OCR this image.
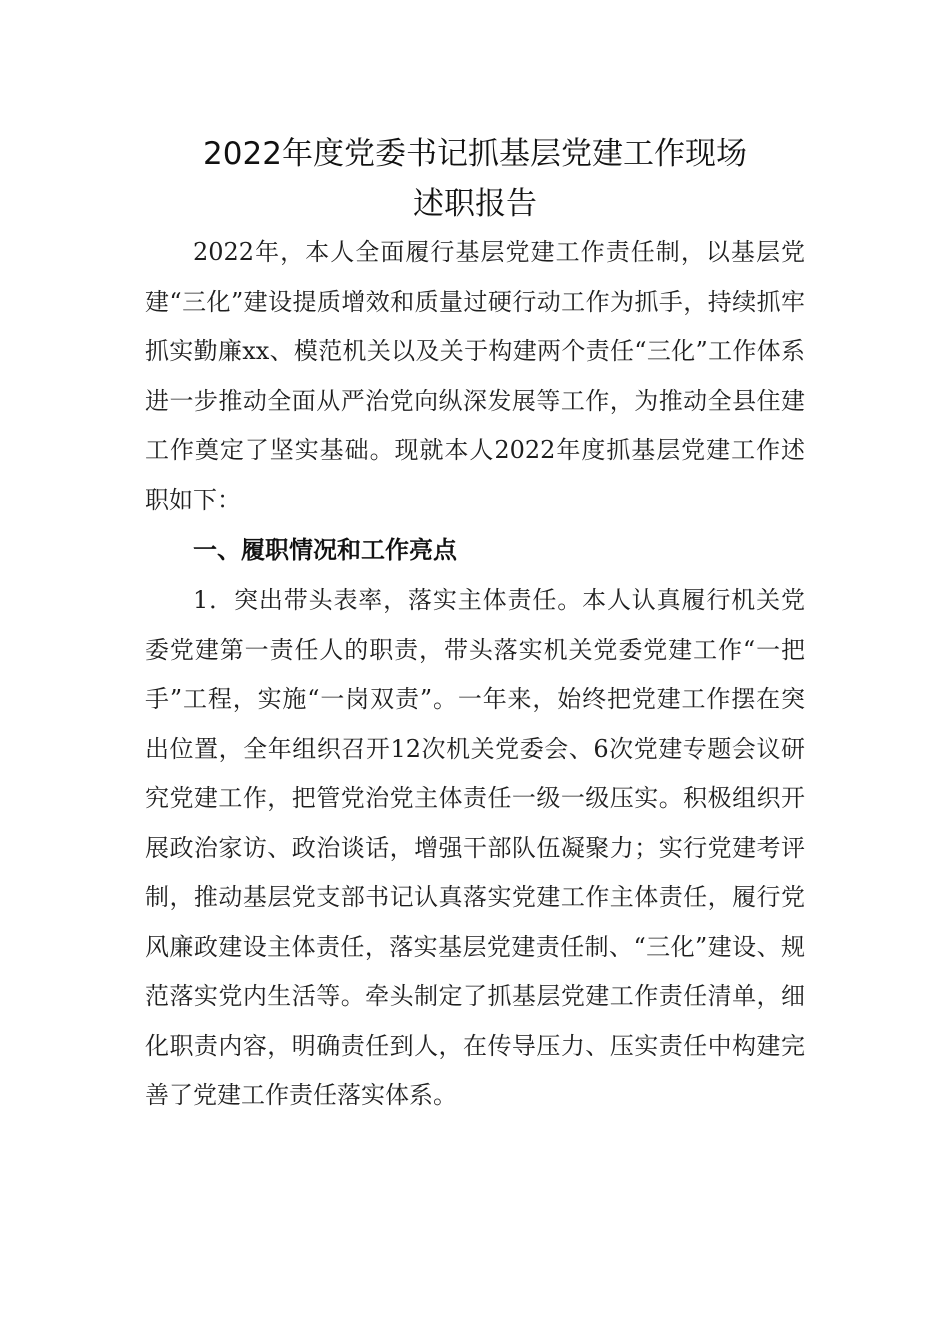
2022年度党委书记抓基层党建工作现场
述职报告

2022年，本人全面履行基层党建工作责任制，以基层党建“三化”建设提质增效和质量过硬行动工作为抓手，持续抓牢抓实勤廉xx、模范机关以及关于构建两个责任“三化”工作体系进一步推动全面从严治党向纵深发展等工作，为推动全县住建工作奠定了坚实基础。现就本人2022年度抓基层党建工作述职如下：

一、履职情况和工作亮点

1．突出带头表率，落实主体责任。本人认真履行机关党委党建第一责任人的职责，带头落实机关党委党建工作“一把手”工程，实施“一岗双责”。一年来，始终把党建工作摆在突出位置，全年组织召开12次机关党委会、6次党建专题会议研究党建工作，把管党治党主体责任一级一级压实。积极组织开展政治家访、政治谈话，增强干部队伍凝聚力；实行党建考评制，推动基层党支部书记认真落实党建工作主体责任，履行党风廉政建设主体责任，落实基层党建责任制、“三化”建设、规范落实党内生活等。牵头制定了抓基层党建工作责任清单，细化职责内容，明确责任到人，在传导压力、压实责任中构建完善了党建工作责任落实体系。
